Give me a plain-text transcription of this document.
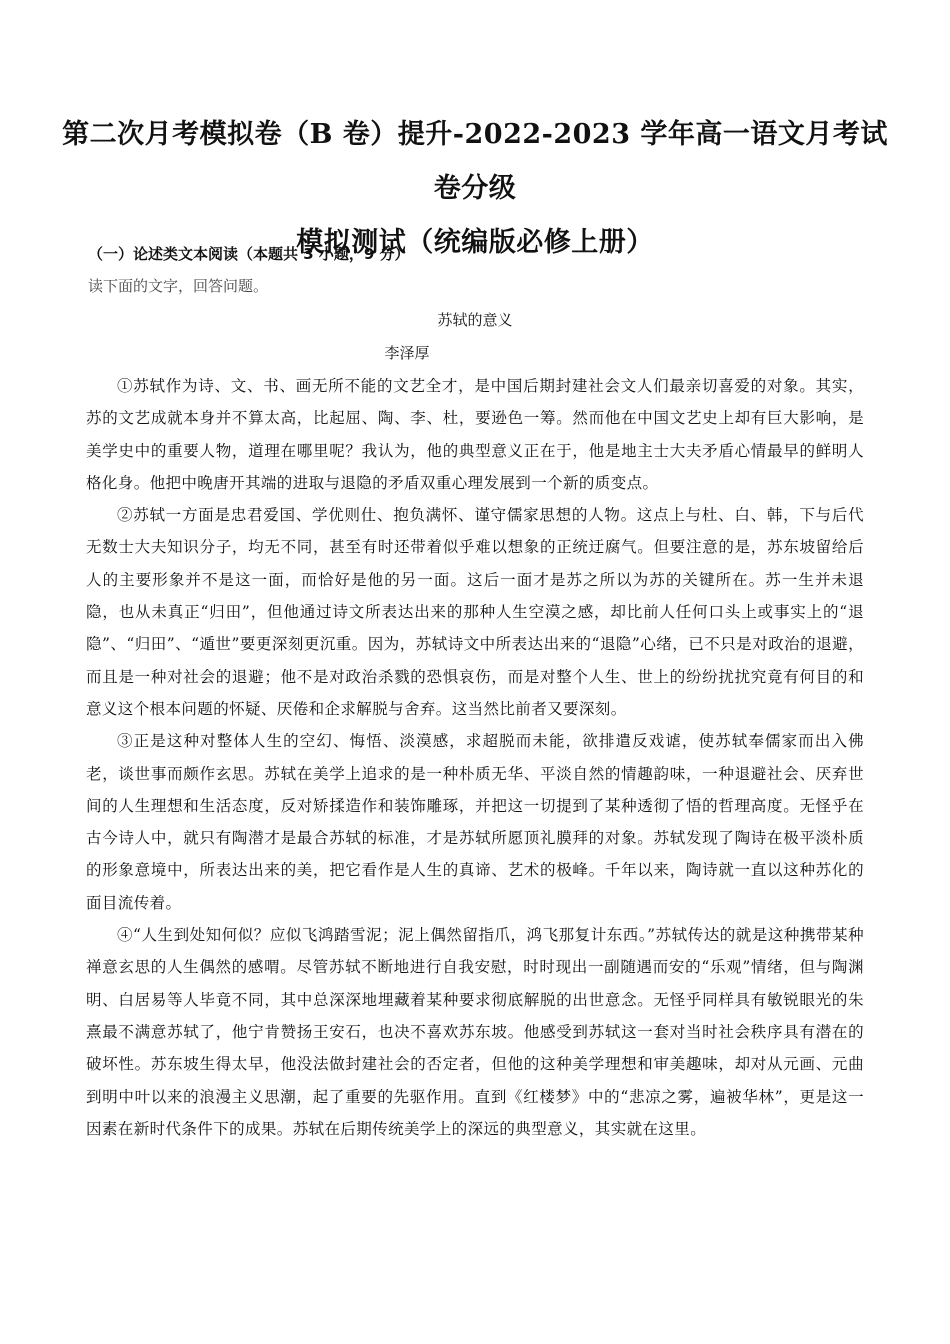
第二次月考模拟卷（B 卷）提升-2022-2023 学年高一语文月考试卷分级
模拟测试（统编版必修上册）

（一）论述类文本阅读（本题共 3 小题，9 分）

读下面的文字，回答问题。

苏轼的意义

李泽厚

①苏轼作为诗、文、书、画无所不能的文艺全才，是中国后期封建社会文人们最亲切喜爱的对象。其实，苏的文艺成就本身并不算太高，比起屈、陶、李、杜，要逊色一筹。然而他在中国文艺史上却有巨大影响，是美学史中的重要人物，道理在哪里呢？我认为，他的典型意义正在于，他是地主士大夫矛盾心情最早的鲜明人格化身。他把中晚唐开其端的进取与退隐的矛盾双重心理发展到一个新的质变点。

②苏轼一方面是忠君爱国、学优则仕、抱负满怀、谨守儒家思想的人物。这点上与杜、白、韩，下与后代无数士大夫知识分子，均无不同，甚至有时还带着似乎难以想象的正统迂腐气。但要注意的是，苏东坡留给后人的主要形象并不是这一面，而恰好是他的另一面。这后一面才是苏之所以为苏的关键所在。苏一生并未退隐，也从未真正“归田”，但他通过诗文所表达出来的那种人生空漠之感，却比前人任何口头上或事实上的“退隐”、“归田”、“遁世”要更深刻更沉重。因为，苏轼诗文中所表达出来的“退隐”心绪，已不只是对政治的退避，而且是一种对社会的退避；他不是对政治杀戮的恐惧哀伤，而是对整个人生、世上的纷纷扰扰究竟有何目的和意义这个根本问题的怀疑、厌倦和企求解脱与舍弃。这当然比前者又要深刻。

③正是这种对整体人生的空幻、悔悟、淡漠感，求超脱而未能，欲排遣反戏谑，使苏轼奉儒家而出入佛老，谈世事而颇作玄思。苏轼在美学上追求的是一种朴质无华、平淡自然的情趣韵味，一种退避社会、厌弃世间的人生理想和生活态度，反对矫揉造作和装饰雕琢，并把这一切提到了某种透彻了悟的哲理高度。无怪乎在古今诗人中，就只有陶潜才是最合苏轼的标准，才是苏轼所愿顶礼膜拜的对象。苏轼发现了陶诗在极平淡朴质的形象意境中，所表达出来的美，把它看作是人生的真谛、艺术的极峰。千年以来，陶诗就一直以这种苏化的面目流传着。

④“人生到处知何似？应似飞鸿踏雪泥；泥上偶然留指爪，鸿飞那复计东西。”苏轼传达的就是这种携带某种禅意玄思的人生偶然的感喟。尽管苏轼不断地进行自我安慰，时时现出一副随遇而安的“乐观”情绪，但与陶渊明、白居易等人毕竟不同，其中总深深地埋藏着某种要求彻底解脱的出世意念。无怪乎同样具有敏锐眼光的朱熹最不满意苏轼了，他宁肯赞扬王安石，也决不喜欢苏东坡。他感受到苏轼这一套对当时社会秩序具有潜在的破坏性。苏东坡生得太早，他没法做封建社会的否定者，但他的这种美学理想和审美趣味，却对从元画、元曲到明中叶以来的浪漫主义思潮，起了重要的先驱作用。直到《红楼梦》中的“悲凉之雾，遍被华林”，更是这一因素在新时代条件下的成果。苏轼在后期传统美学上的深远的典型意义，其实就在这里。
